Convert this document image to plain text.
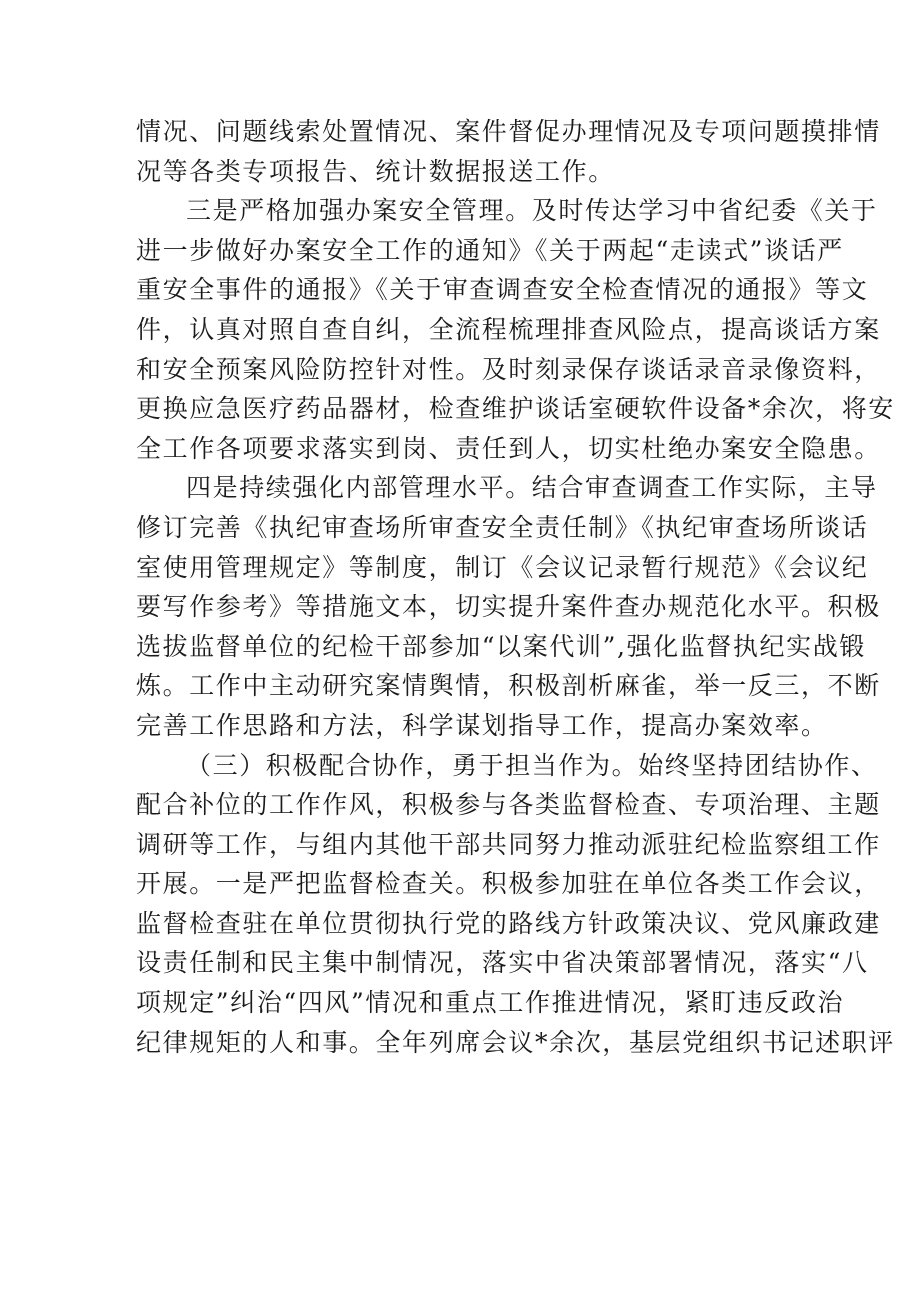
情况、问题线索处置情况、案件督促办理情况及专项问题摸排情
况等各类专项报告、统计数据报送工作。
三是严格加强办案安全管理。及时传达学习中省纪委《关于
进一步做好办案安全工作的通知》《关于两起“走读式”谈话严
重安全事件的通报》《关于审查调查安全检查情况的通报》等文
件，认真对照自查自纠，全流程梳理排查风险点，提高谈话方案
和安全预案风险防控针对性。及时刻录保存谈话录音录像资料，
更换应急医疗药品器材，检查维护谈话室硬软件设备*余次，将安
全工作各项要求落实到岗、责任到人，切实杜绝办案安全隐患。
四是持续强化内部管理水平。结合审查调查工作实际，主导
修订完善《执纪审查场所审查安全责任制》《执纪审查场所谈话
室使用管理规定》等制度，制订《会议记录暂行规范》《会议纪
要写作参考》等措施文本，切实提升案件查办规范化水平。积极
选拔监督单位的纪检干部参加“以案代训”,强化监督执纪实战锻
炼。工作中主动研究案情舆情，积极剖析麻雀，举一反三，不断
完善工作思路和方法，科学谋划指导工作，提高办案效率。
（三）积极配合协作，勇于担当作为。始终坚持团结协作、
配合补位的工作作风，积极参与各类监督检查、专项治理、主题
调研等工作，与组内其他干部共同努力推动派驻纪检监察组工作
开展。一是严把监督检查关。积极参加驻在单位各类工作会议，
监督检查驻在单位贯彻执行党的路线方针政策决议、党风廉政建
设责任制和民主集中制情况，落实中省决策部署情况，落实“八
项规定”纠治“四风”情况和重点工作推进情况，紧盯违反政治
纪律规矩的人和事。全年列席会议*余次，基层党组织书记述职评
